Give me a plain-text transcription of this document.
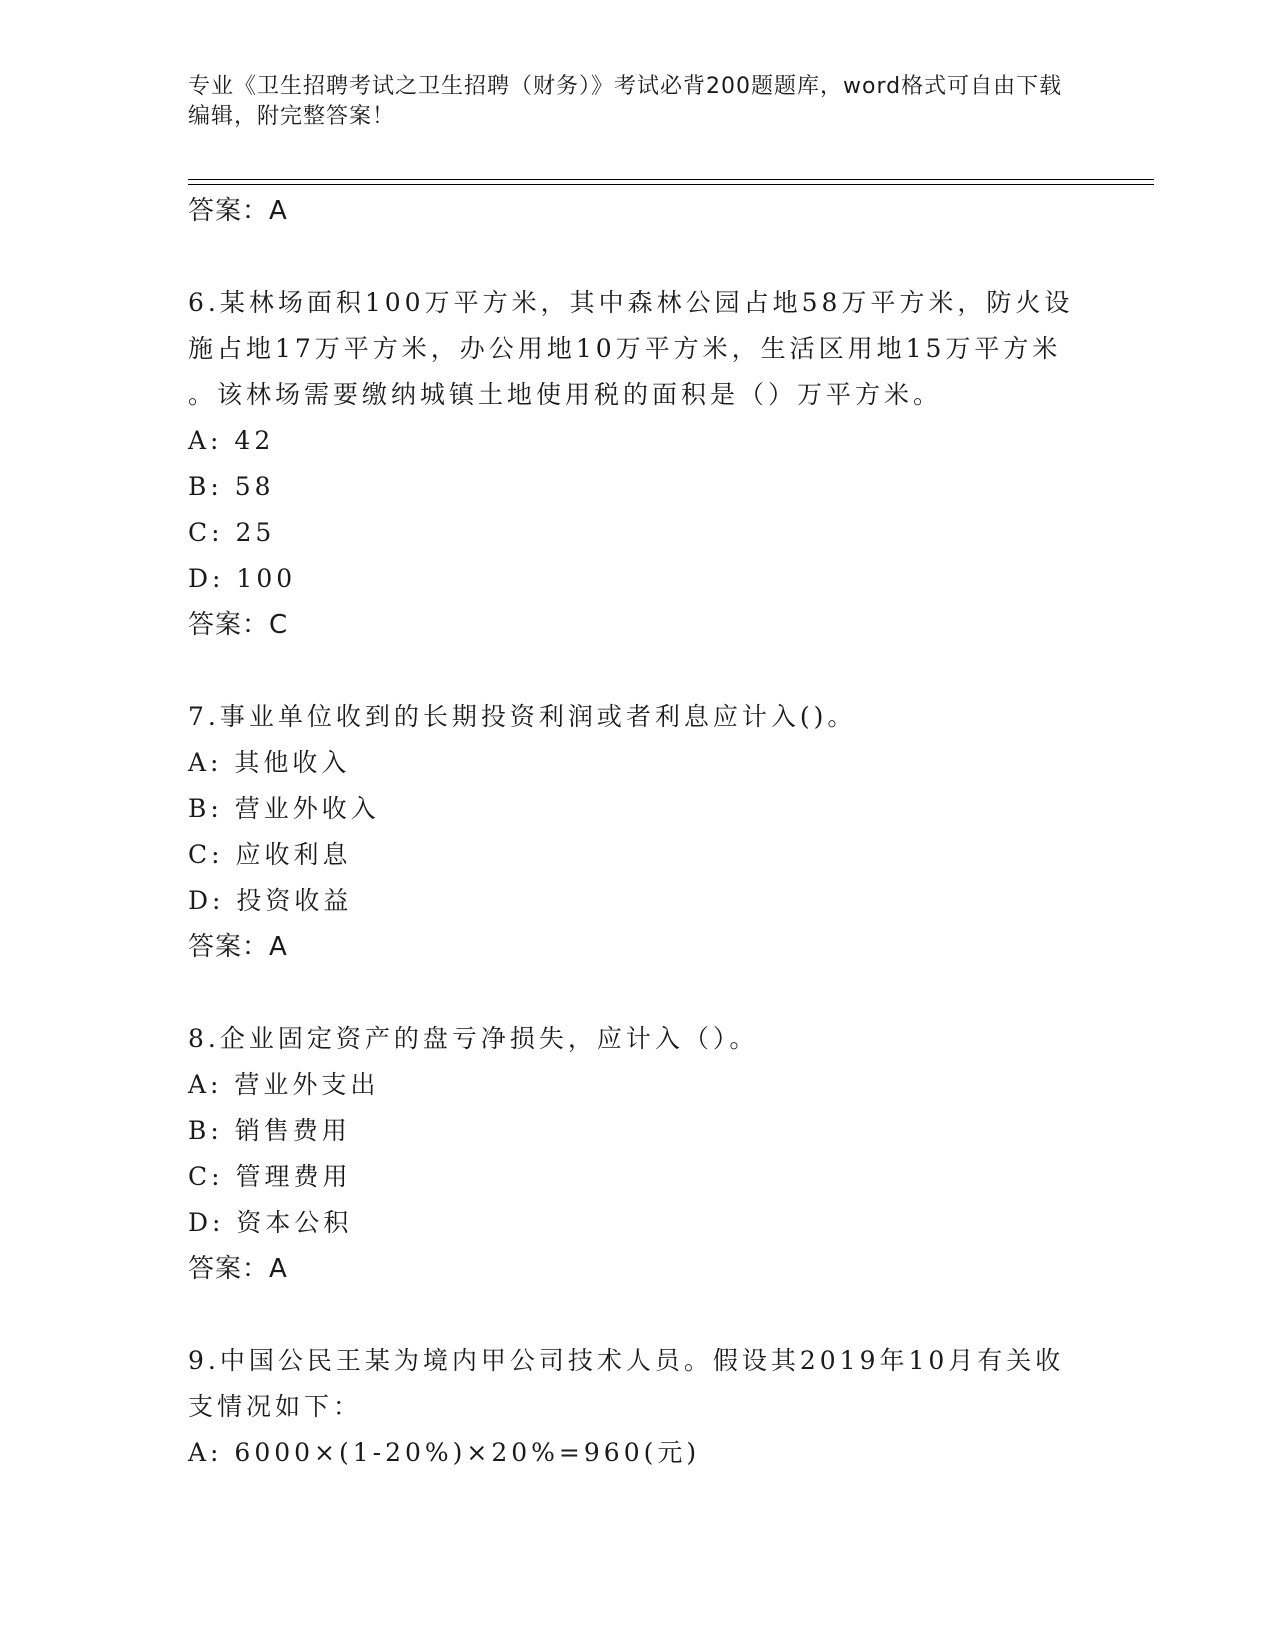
专业《卫生招聘考试之卫生招聘（财务）》考试必背200题题库，word格式可自由下载编辑，附完整答案！
答案：A
6.某林场面积100万平方米，其中森林公园占地58万平方米，防火设
施占地17万平方米，办公用地10万平方米，生活区用地15万平方米
。该林场需要缴纳城镇土地使用税的面积是（）万平方米。
A: 42
B: 58
C: 25
D: 100
答案：C
7.事业单位收到的长期投资利润或者利息应计入()。
A: 其他收入
B: 营业外收入
C: 应收利息
D: 投资收益
答案：A
8.企业固定资产的盘亏净损失，应计入（）。
A: 营业外支出
B: 销售费用
C: 管理费用
D: 资本公积
答案：A
9.中国公民王某为境内甲公司技术人员。假设其2019年10月有关收
支情况如下：
A: 6000×(1-20%)×20%=960(元)
